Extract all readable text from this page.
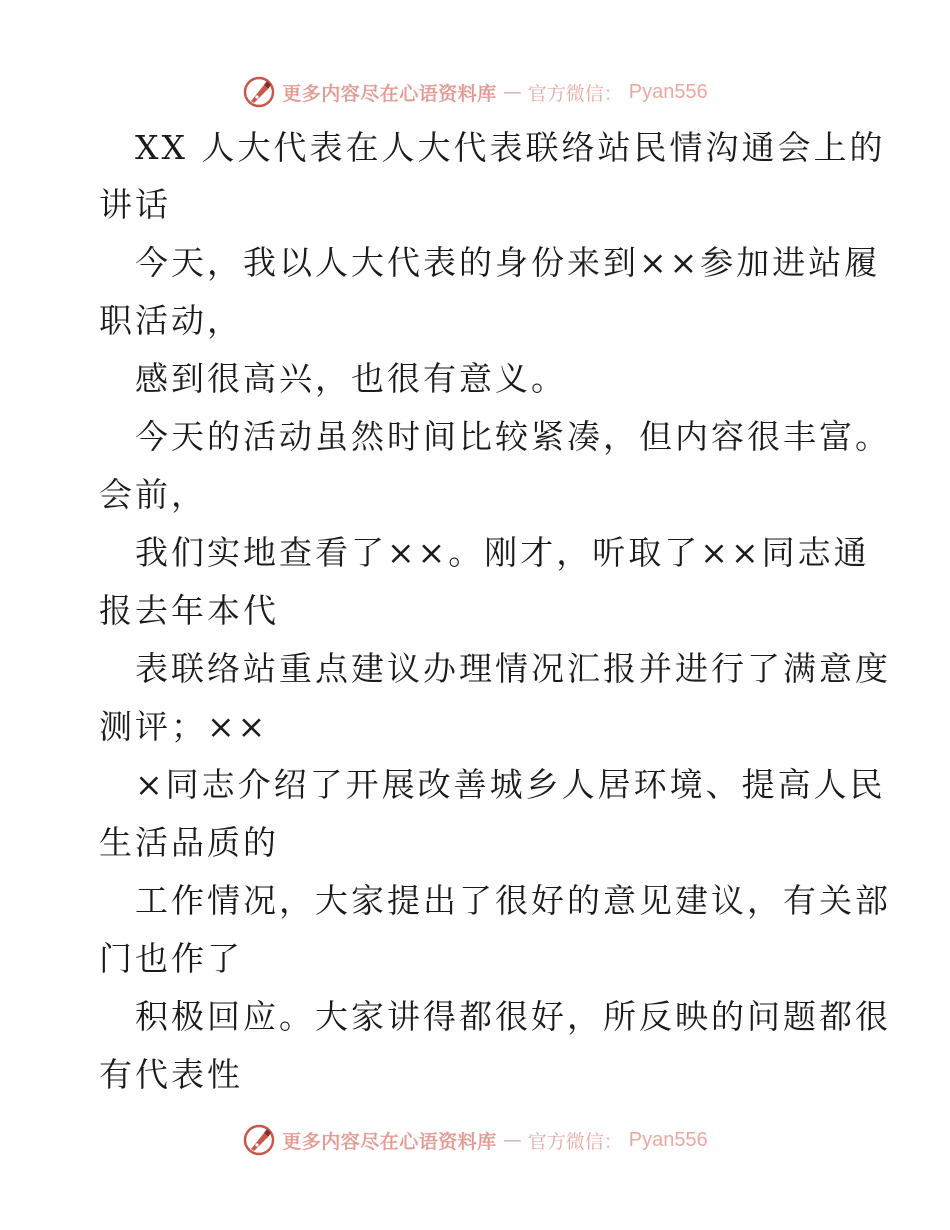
更多内容尽在心语资料库 — 官方微信： Pyan556
XX 人大代表在人大代表联络站民情沟通会上的
讲话
今天，我以人大代表的身份来到××参加进站履
职活动，
感到很高兴，也很有意义。
今天的活动虽然时间比较紧凑，但内容很丰富。
会前，
我们实地查看了××。刚才，听取了××同志通
报去年本代
表联络站重点建议办理情况汇报并进行了满意度
测评；××
×同志介绍了开展改善城乡人居环境、提高人民
生活品质的
工作情况，大家提出了很好的意见建议，有关部
门也作了
积极回应。大家讲得都很好，所反映的问题都很
有代表性
更多内容尽在心语资料库 — 官方微信： Pyan556
